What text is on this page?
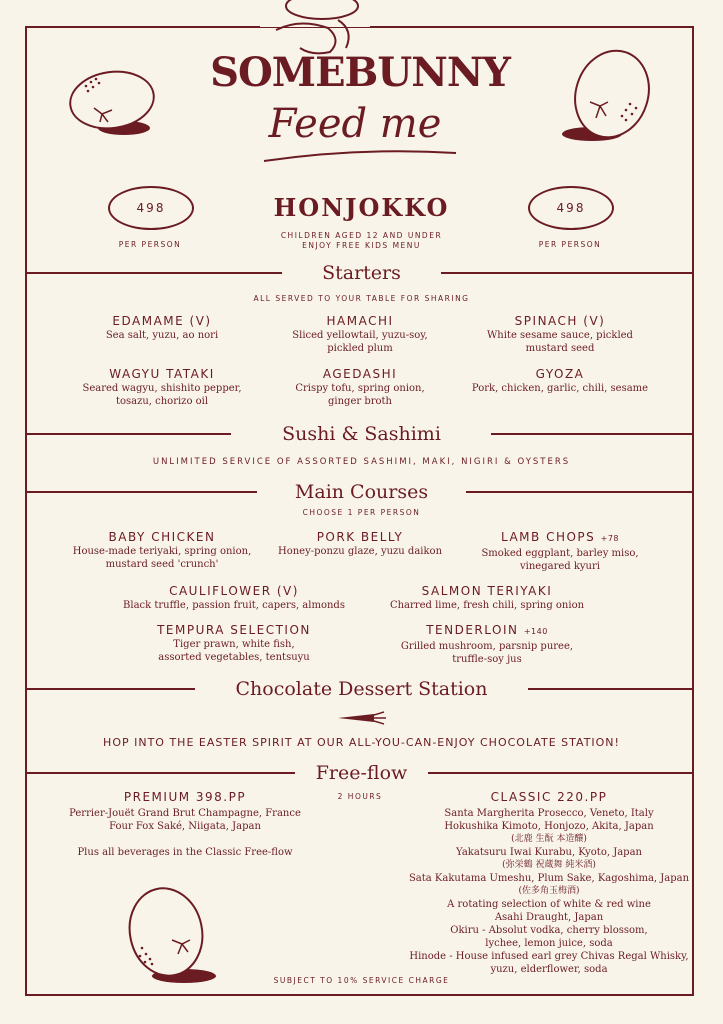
SOMEBUNNY
Feed me
498	498
PER PERSON	PER PERSON
HONJOKKO
CHILDREN AGED 12 AND UNDER
ENJOY FREE KIDS MENU
Starters
ALL SERVED TO YOUR TABLE FOR SHARING
EDAMAME (V)
Sea salt, yuzu, ao nori
HAMACHI
Sliced yellowtail, yuzu-soy,
pickled plum
SPINACH (V)
White sesame sauce, pickled
mustard seed
WAGYU TATAKI
Seared wagyu, shishito pepper,
tosazu, chorizo oil
AGEDASHI
Crispy tofu, spring onion,
ginger broth
GYOZA
Pork, chicken, garlic, chili, sesame
Sushi & Sashimi
UNLIMITED SERVICE OF ASSORTED SASHIMI, MAKI, NIGIRI & OYSTERS
Main Courses
CHOOSE 1 PER PERSON
BABY CHICKEN
House-made teriyaki, spring onion,
mustard seed 'crunch'
PORK BELLY
Honey-ponzu glaze, yuzu daikon
LAMB CHOPS +78
Smoked eggplant, barley miso,
vinegared kyuri
CAULIFLOWER (V)
Black truffle, passion fruit, capers, almonds
SALMON TERIYAKI
Charred lime, fresh chili, spring onion
TEMPURA SELECTION
Tiger prawn, white fish,
assorted vegetables, tentsuyu
TENDERLOIN +140
Grilled mushroom, parsnip puree,
truffle-soy jus
Chocolate Dessert Station
HOP INTO THE EASTER SPIRIT AT OUR ALL-YOU-CAN-ENJOY CHOCOLATE STATION!
Free-flow
2 HOURS
PREMIUM 398.PP
Perrier-Jouët Grand Brut Champagne, France
Four Fox Saké, Niigata, Japan
Plus all beverages in the Classic Free-flow
CLASSIC 220.PP
Santa Margherita Prosecco, Veneto, Italy
Hokushika Kimoto, Honjozo, Akita, Japan
(北鹿 生酛 本造釀)
Yakatsuru Iwai Kurabu, Kyoto, Japan
(弥栄鶴 祝蔵舞 純米酒)
Sata Kakutama Umeshu, Plum Sake, Kagoshima, Japan
(佐多角玉梅酒)
A rotating selection of white & red wine
Asahi Draught, Japan
Okiru - Absolut vodka, cherry blossom,
lychee, lemon juice, soda
Hinode - House infused earl grey Chivas Regal Whisky,
yuzu, elderflower, soda
SUBJECT TO 10% SERVICE CHARGE
